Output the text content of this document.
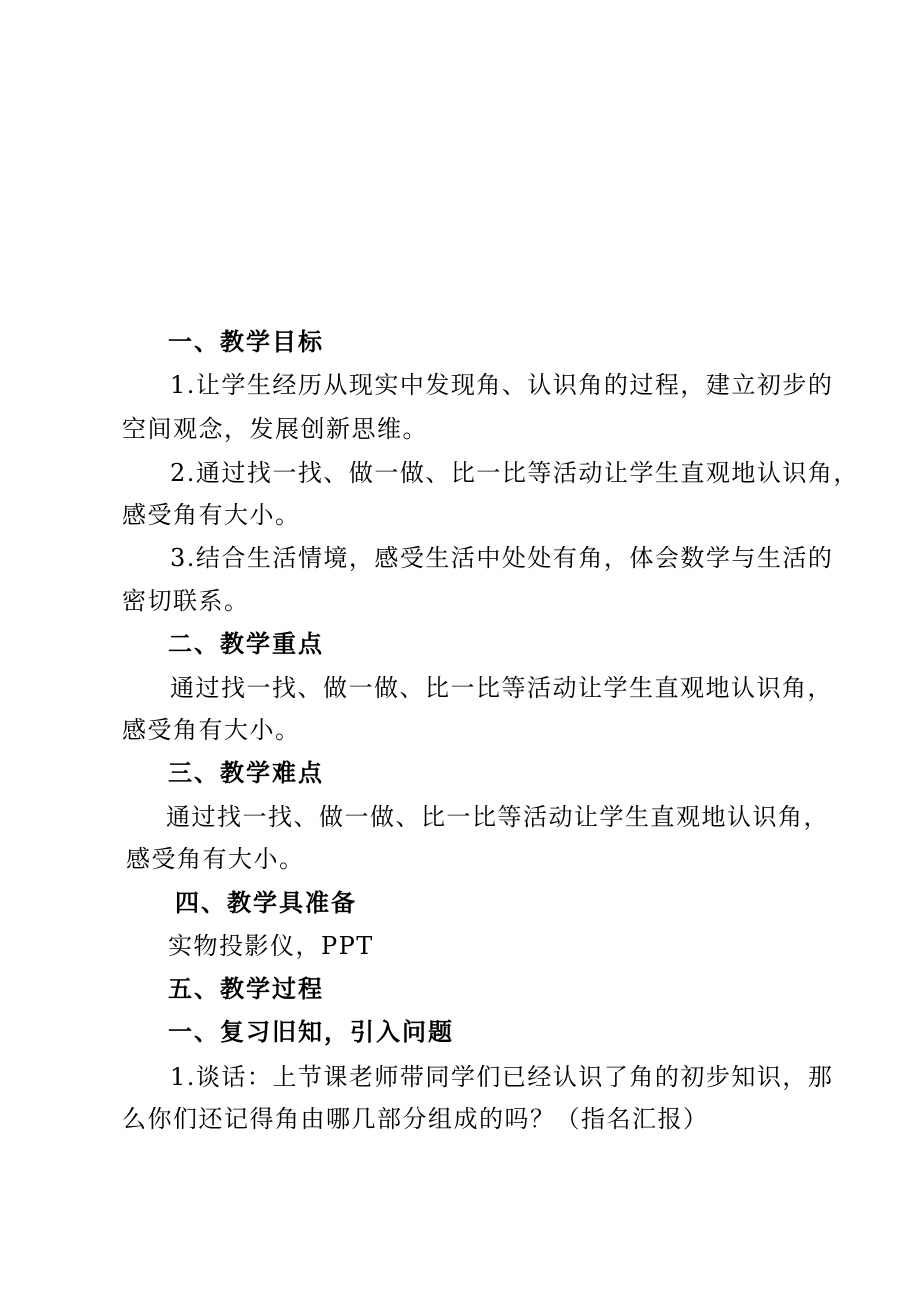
一、教学目标
1.让学生经历从现实中发现角、认识角的过程，建立初步的
空间观念，发展创新思维。
2.通过找一找、做一做、比一比等活动让学生直观地认识角，
感受角有大小。
3.结合生活情境，感受生活中处处有角，体会数学与生活的
密切联系。
二、教学重点
通过找一找、做一做、比一比等活动让学生直观地认识角，
感受角有大小。
三、教学难点
通过找一找、做一做、比一比等活动让学生直观地认识角，
感受角有大小。
四、教学具准备
实物投影仪，PPT
五、教学过程
一、复习旧知，引入问题
1.谈话：上节课老师带同学们已经认识了角的初步知识，那
么你们还记得角由哪几部分组成的吗？（指名汇报）
